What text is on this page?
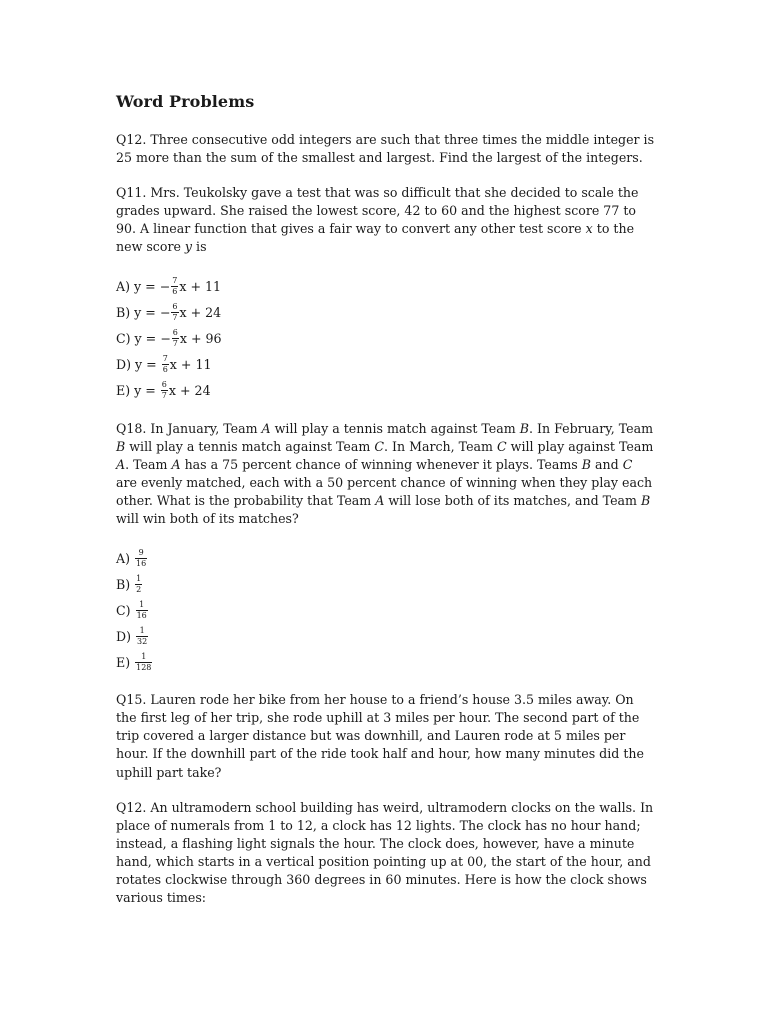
Word Problems

Q12. Three consecutive odd integers are such that three times the middle integer is 25 more than the sum of the smallest and largest. Find the largest of the integers.

Q11. Mrs. Teukolsky gave a test that was so difficult that she decided to scale the grades upward. She raised the lowest score, 42 to 60 and the highest score 77 to 90. A linear function that gives a fair way to convert any other test score x to the new score y is

A) y = − $\frac{7}{6}$ x + 11
B) y = − $\frac{6}{7}$ x + 24
C) y = − $\frac{6}{7}$ x + 96
D) $y = \frac{7}{6}$ x + 11
E) $y = \frac{6}{7}$ x + 24

Q18. In January, Team A will play a tennis match against Team B. In February, Team B will play a tennis match against Team C. In March, Team C will play against Team A. Team A has a 75 percent chance of winning whenever it plays. Teams B and C are evenly matched, each with a 50 percent chance of winning when they play each other. What is the probability that Team A will lose both of its matches, and Team B will win both of its matches?

$A) \frac{9}{16}$
$B) \frac{1}{2}$
$C) \frac{1}{16}$
$D) \frac{1}{32}$
$E) \frac{1}{128}$

Q15. Lauren rode her bike from her house to a friend’s house 3.5 miles away. On the first leg of her trip, she rode uphill at 3 miles per hour. The second part of the trip covered a larger distance but was downhill, and Lauren rode at 5 miles per hour. If the downhill part of the ride took half and hour, how many minutes did the uphill part take?

Q12. An ultramodern school building has weird, ultramodern clocks on the walls. In place of numerals from 1 to 12, a clock has 12 lights. The clock has no hour hand; instead, a flashing light signals the hour. The clock does, however, have a minute hand, which starts in a vertical position pointing up at 00, the start of the hour, and rotates clockwise through 360 degrees in 60 minutes. Here is how the clock shows various times:
